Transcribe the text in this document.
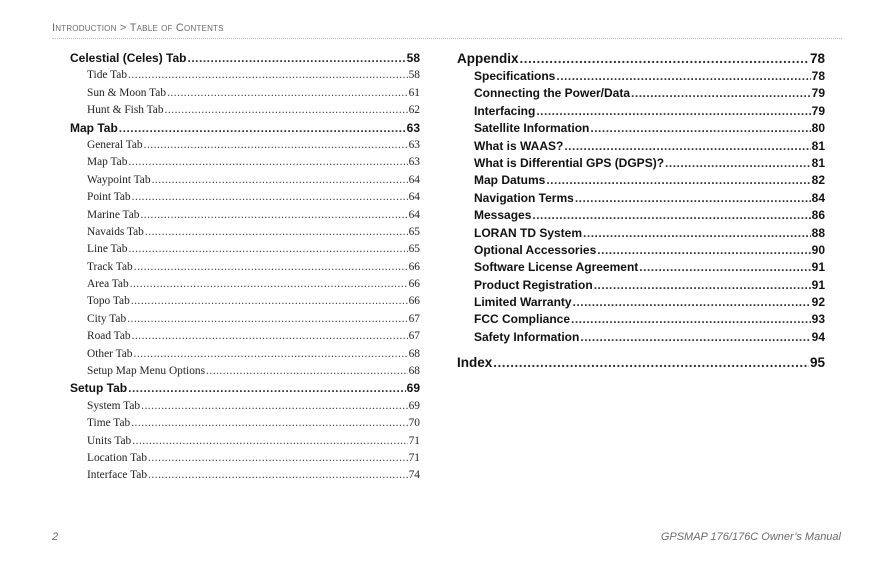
Introduction > Table of Contents
Celestial (Celes) Tab .....	58
Tide Tab .....	58
Sun & Moon Tab .....	61
Hunt & Fish Tab .....	62
Map Tab .....	63
General Tab .....	63
Map Tab .....	63
Waypoint Tab .....	64
Point Tab .....	64
Marine Tab .....	64
Navaids Tab .....	65
Line Tab .....	65
Track Tab .....	66
Area Tab .....	66
Topo Tab .....	66
City Tab .....	67
Road Tab .....	67
Other Tab .....	68
Setup Map Menu Options .....	68
Setup Tab .....	69
System Tab .....	69
Time Tab .....	70
Units Tab .....	71
Location Tab .....	71
Interface Tab .....	74
Appendix .....	78
Specifications .....	78
Connecting the Power/Data .....	79
Interfacing .....	79
Satellite Information .....	80
What is WAAS? .....	81
What is Differential GPS (DGPS)? .....	81
Map Datums .....	82
Navigation Terms .....	84
Messages .....	86
LORAN TD System .....	88
Optional Accessories .....	90
Software License Agreement .....	91
Product Registration .....	91
Limited Warranty .....	92
FCC Compliance .....	93
Safety Information .....	94
Index .....	95
2	GPSMAP 176/176C Owner’s Manual
